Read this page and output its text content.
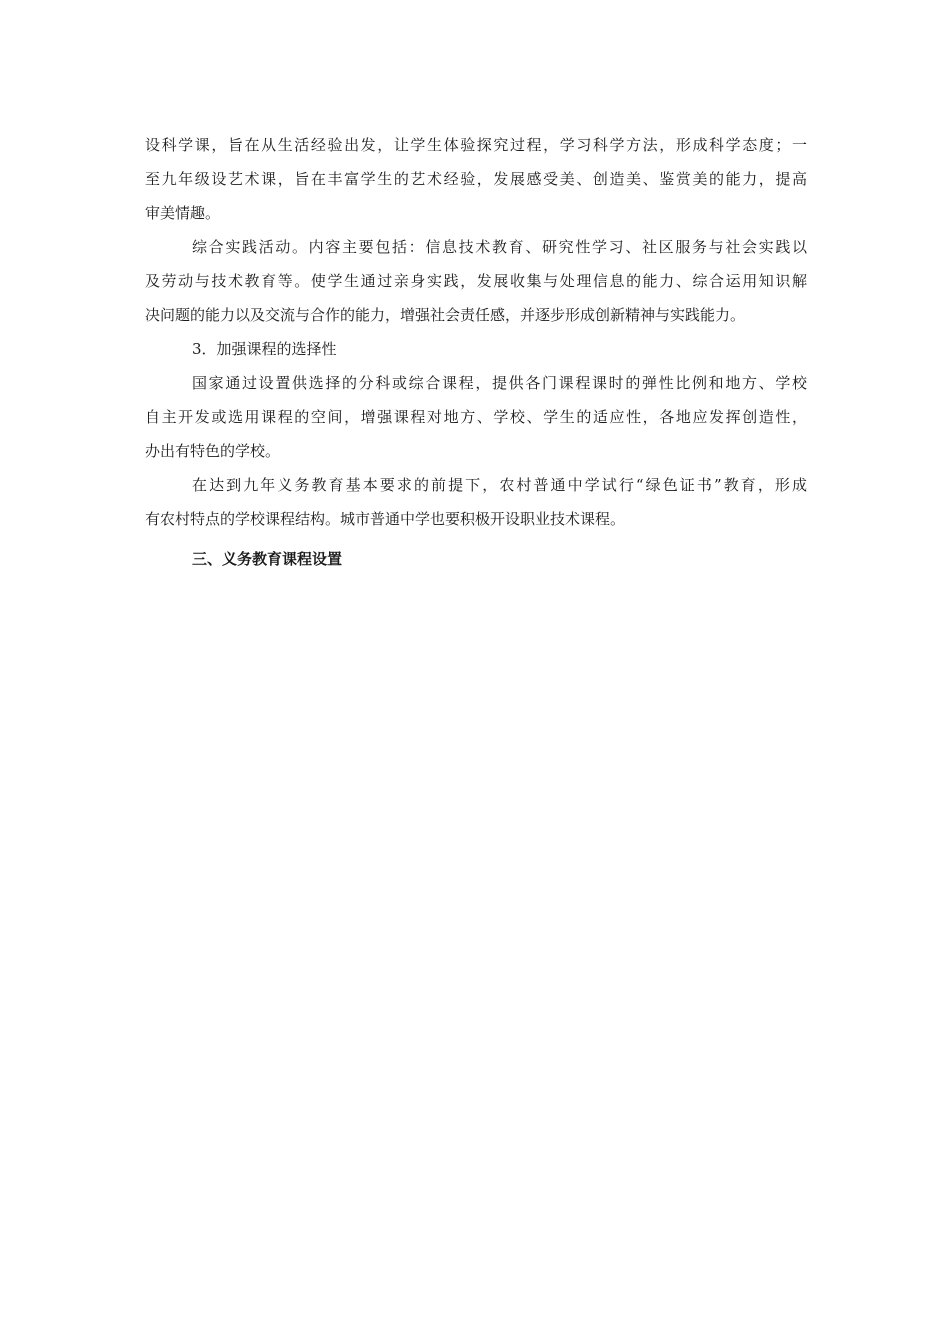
设科学课，旨在从生活经验出发，让学生体验探究过程，学习科学方法，形成科学态度；一
至九年级设艺术课，旨在丰富学生的艺术经验，发展感受美、创造美、鉴赏美的能力，提高
审美情趣。
综合实践活动。内容主要包括：信息技术教育、研究性学习、社区服务与社会实践以
及劳动与技术教育等。使学生通过亲身实践，发展收集与处理信息的能力、综合运用知识解
决问题的能力以及交流与合作的能力，增强社会责任感，并逐步形成创新精神与实践能力。
3．加强课程的选择性
国家通过设置供选择的分科或综合课程，提供各门课程课时的弹性比例和地方、学校
自主开发或选用课程的空间，增强课程对地方、学校、学生的适应性，各地应发挥创造性，
办出有特色的学校。
在达到九年义务教育基本要求的前提下，农村普通中学试行“绿色证书”教育，形成
有农村特点的学校课程结构。城市普通中学也要积极开设职业技术课程。
三、义务教育课程设置
